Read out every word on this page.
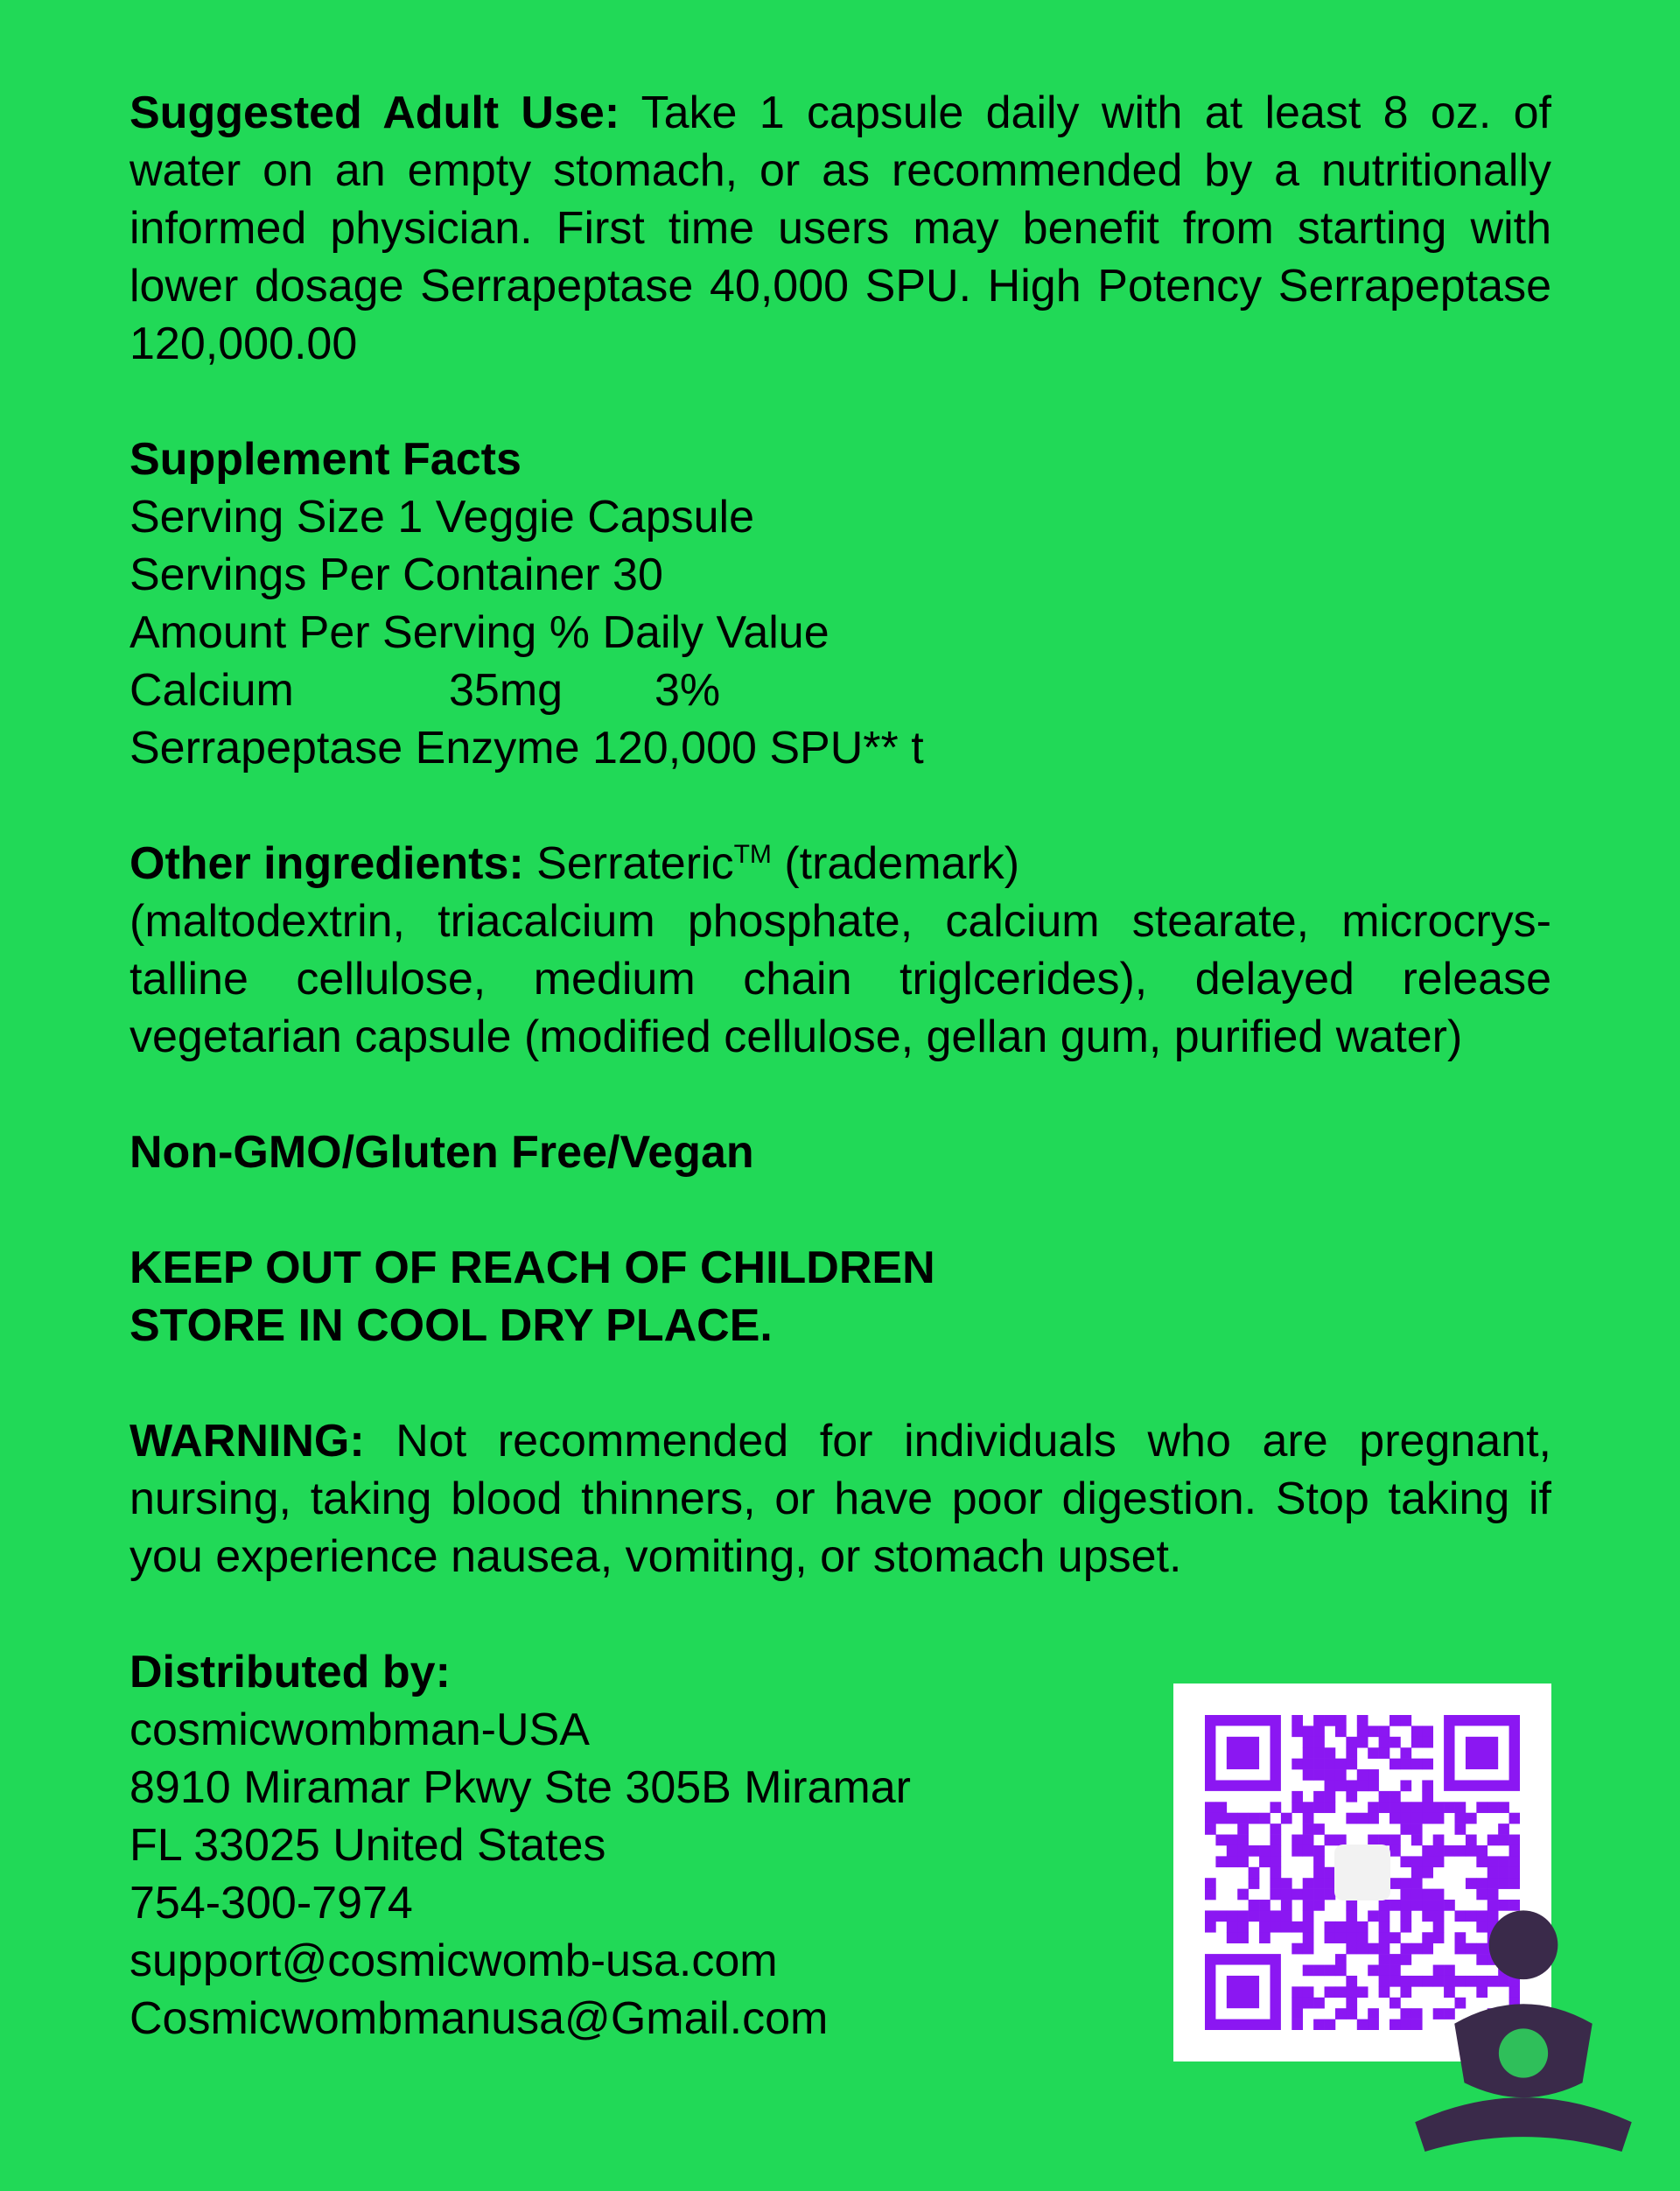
Suggested Adult Use: Take 1 capsule daily with at least 8 oz. of water on an empty stomach, or as recommended by a nutritionally informed physician. First time users may benefit from starting with lower dosage Serrapeptase 40,000 SPU. High Potency Serrapeptase 120,000.00
Supplement Facts
Serving Size 1 Veggie Capsule
Servings Per Container 30
Amount Per Serving % Daily Value
Calcium	35mg	3%
Serrapeptase Enzyme 120,000 SPU** t
Other ingredients: Serrateric™ (trademark)
(maltodextrin, triacalcium phosphate, calcium stearate, microcrys-talline cellulose, medium chain triglcerides), delayed release vegetarian capsule (modified cellulose, gellan gum, purified water)
Non-GMO/Gluten Free/Vegan
KEEP OUT OF REACH OF CHILDREN
STORE IN COOL DRY PLACE.
WARNING: Not recommended for individuals who are pregnant, nursing, taking blood thinners, or have poor digestion. Stop taking if you experience nausea, vomiting, or stomach upset.
Distributed by:
cosmicwombman-USA
8910 Miramar Pkwy Ste 305B Miramar
FL 33025 United States
754-300-7974
support@cosmicwomb-usa.com
Cosmicwombmanusa@Gmail.com
